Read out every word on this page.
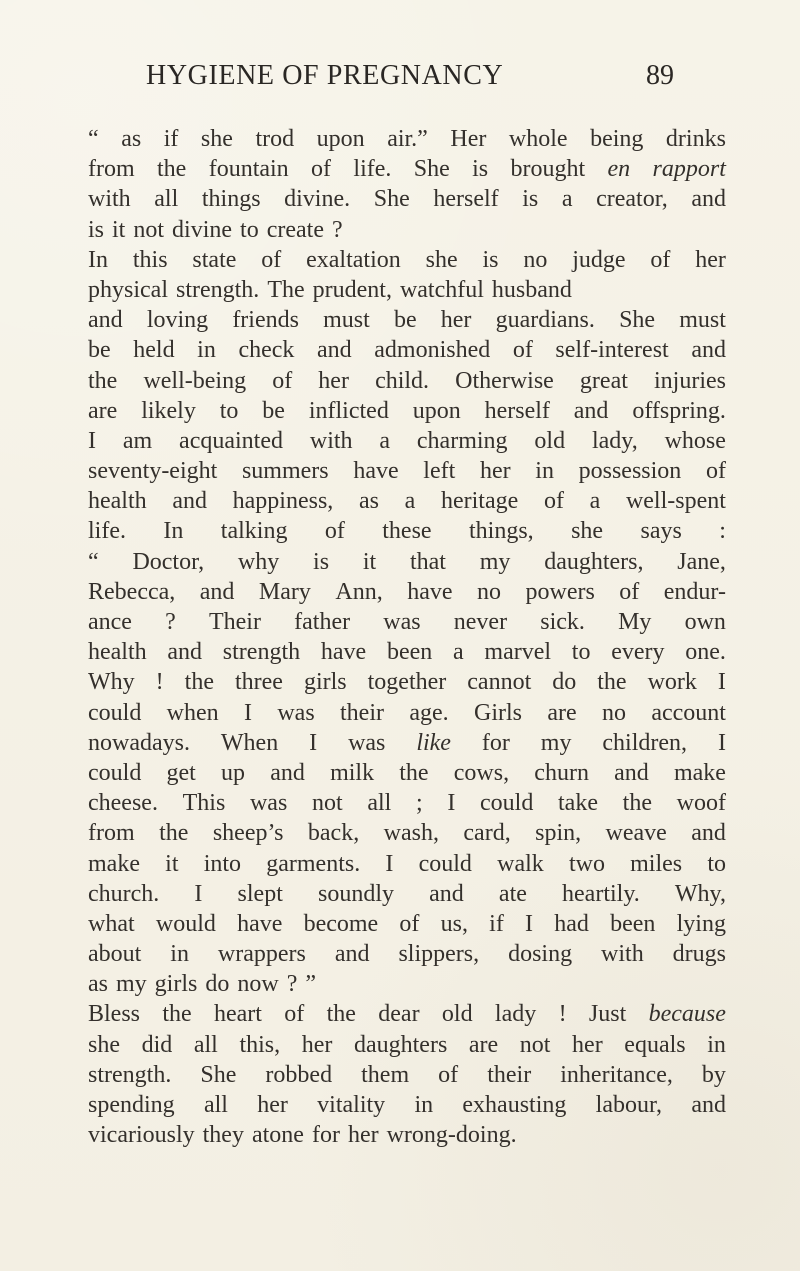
HYGIENE OF PREGNANCY	89
“ as if she trod upon air.” Her whole being drinks
from the fountain of life. She is brought en rapport
with all things divine. She herself is a creator, and
is it not divine to create ?
In this state of exaltation she is no judge of her
physical strength. The prudent, watchful husband
and loving friends must be her guardians. She must
be held in check and admonished of self-interest and
the well-being of her child. Otherwise great injuries
are likely to be inflicted upon herself and offspring.
I am acquainted with a charming old lady, whose
seventy-eight summers have left her in possession of
health and happiness, as a heritage of a well-spent
life. In talking of these things, she says :
“ Doctor, why is it that my daughters, Jane,
Rebecca, and Mary Ann, have no powers of endur-
ance ? Their father was never sick. My own
health and strength have been a marvel to every one.
Why ! the three girls together cannot do the work I
could when I was their age. Girls are no account
nowadays. When I was like for my children, I
could get up and milk the cows, churn and make
cheese. This was not all ; I could take the woof
from the sheep’s back, wash, card, spin, weave and
make it into garments. I could walk two miles to
church. I slept soundly and ate heartily. Why,
what would have become of us, if I had been lying
about in wrappers and slippers, dosing with drugs
as my girls do now ? ”
Bless the heart of the dear old lady ! Just because
she did all this, her daughters are not her equals in
strength. She robbed them of their inheritance, by
spending all her vitality in exhausting labour, and
vicariously they atone for her wrong-doing.
